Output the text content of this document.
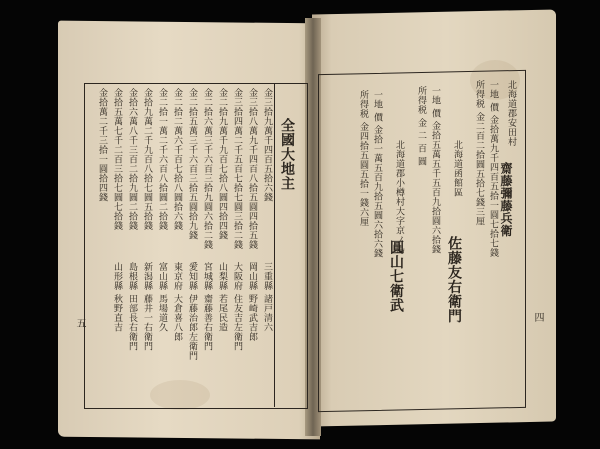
全國大地主
金三拾九萬千四百五拾六錢
金三拾八萬九千四百八拾五圓四拾五錢
金三拾四萬二千五百七拾七圓三拾二錢
金二拾九萬千九百七拾八圓四拾四錢
金二拾六萬三千六百三拾九圓六拾二錢
金二拾五萬三千六百三拾五圓拾九錢
金二拾二萬六千百七拾八圓拾六錢
金二拾一萬二千六百八拾圓二拾錢
金拾九萬二千九百八拾七圓五拾錢
金拾六萬八千三百二拾九圓二拾錢
金拾五萬七千二百三拾七圓七拾錢
金拾萬二千三拾一圓拾四錢
三重縣 諸戸清六
岡山縣 野崎武吉郎
大阪府 住友吉左衛門
山梨縣 若尾民造
宮城縣 齋藤善右衛門
愛知縣 伊藤治郎左衛門
東京府 大倉喜八郎
富山縣 馬場道久
新潟縣 藤井一右衛門
島根縣 田部長右衛門
山形縣 秋野直吉
五
北海道郡安田村
齋藤彌藤兵衛
一地 價 金拾萬九千四百五拾一圓七拾七錢
所得税 金二百二拾圓五拾七錢三厘
北海道函館區
佐藤友右衛門
一地 價 金拾五萬五千五百九拾圓六拾錢
所得税 金 二 百 圓
北海道郡小樽村大字京ノ島
圓山七衛武
一地 價 金拾一萬五百九拾五圓六拾六錢
所得税 金四拾五圓五拾一錢六厘
四
